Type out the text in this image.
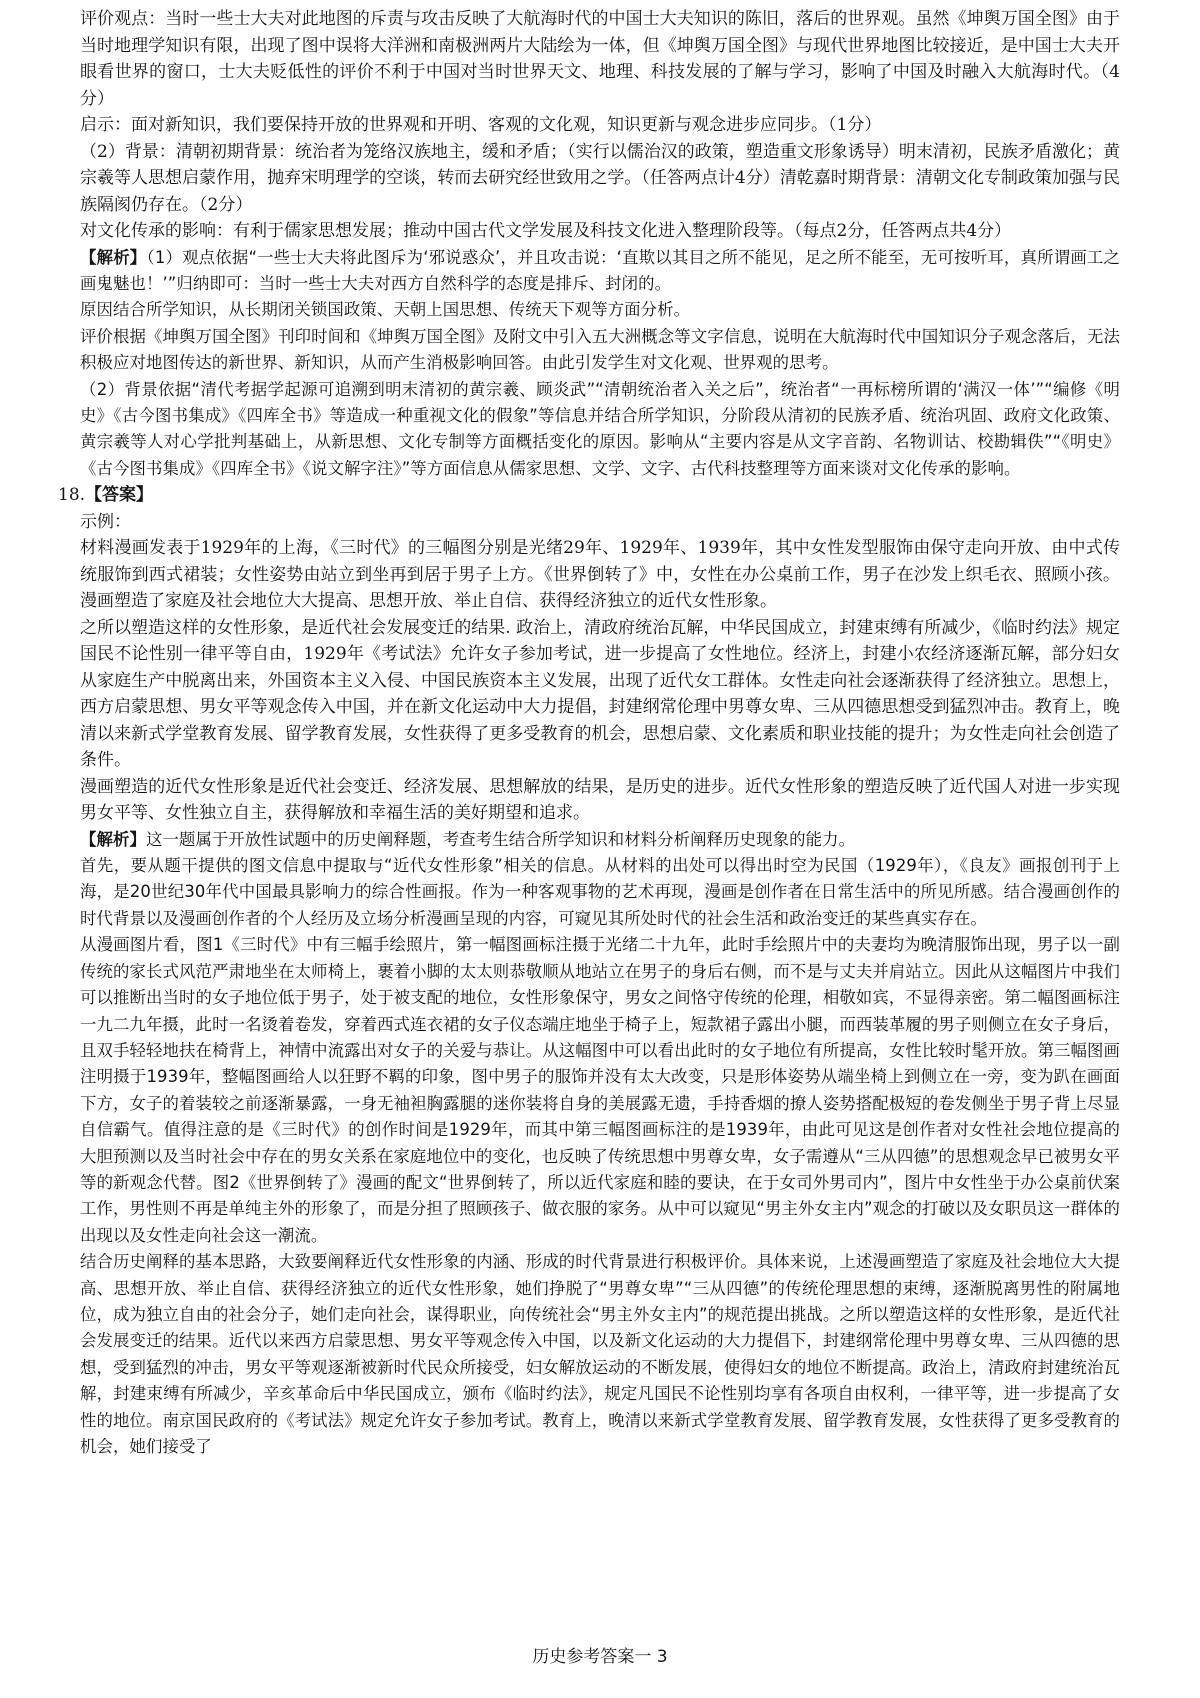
评价观点：当时一些士大夫对此地图的斥责与攻击反映了大航海时代的中国士大夫知识的陈旧，落后的世界观。虽然《坤舆万国全图》由于当时地理学知识有限，出现了图中误将大洋洲和南极洲两片大陆绘为一体，但《坤舆万国全图》与现代世界地图比较接近，是中国士大夫开眼看世界的窗口，士大夫贬低性的评价不利于中国对当时世界天文、地理、科技发展的了解与学习，影响了中国及时融入大航海时代。（4分）

启示：面对新知识，我们要保持开放的世界观和开明、客观的文化观，知识更新与观念进步应同步。（1分）

（2）背景：清朝初期背景：统治者为笼络汉族地主，缓和矛盾；（实行以儒治汉的政策，塑造重文形象诱导）明末清初，民族矛盾激化；黄宗羲等人思想启蒙作用，抛弃宋明理学的空谈，转而去研究经世致用之学。（任答两点计4分）清乾嘉时期背景：清朝文化专制政策加强与民族隔阂仍存在。（2分）

对文化传承的影响：有利于儒家思想发展；推动中国古代文学发展及科技文化进入整理阶段等。（每点2分，任答两点共4分）

【解析】（1）观点依据“一些士大夫将此图斥为‘邪说惑众’，并且攻击说：‘直欺以其目之所不能见，足之所不能至，无可按听耳，真所谓画工之画鬼魅也！’”归纳即可：当时一些士大夫对西方自然科学的态度是排斥、封闭的。

原因结合所学知识，从长期闭关锁国政策、天朝上国思想、传统天下观等方面分析。

评价根据《坤舆万国全图》刊印时间和《坤舆万国全图》及附文中引入五大洲概念等文字信息，说明在大航海时代中国知识分子观念落后，无法积极应对地图传达的新世界、新知识，从而产生消极影响回答。由此引发学生对文化观、世界观的思考。

（2）背景依据“清代考据学起源可追溯到明末清初的黄宗羲、顾炎武”“清朝统治者入关之后”，统治者“一再标榜所谓的‘满汉一体’”“编修《明史》《古今图书集成》《四库全书》等造成一种重视文化的假象”等信息并结合所学知识，分阶段从清初的民族矛盾、统治巩固、政府文化政策、黄宗羲等人对心学批判基础上，从新思想、文化专制等方面概括变化的原因。影响从“主要内容是从文字音韵、名物训诂、校勘辑佚”“《明史》《古今图书集成》《四库全书》《说文解字注》”等方面信息从儒家思想、文学、文字、古代科技整理等方面来谈对文化传承的影响。

18.【答案】

示例：

材料漫画发表于1929年的上海，《三时代》的三幅图分别是光绪29年、1929年、1939年，其中女性发型服饰由保守走向开放、由中式传统服饰到西式裙装；女性姿势由站立到坐再到居于男子上方。《世界倒转了》中，女性在办公桌前工作，男子在沙发上织毛衣、照顾小孩。漫画塑造了家庭及社会地位大大提高、思想开放、举止自信、获得经济独立的近代女性形象。

之所以塑造这样的女性形象，是近代社会发展变迁的结果. 政治上，清政府统治瓦解，中华民国成立，封建束缚有所减少，《临时约法》规定国民不论性别一律平等自由，1929年《考试法》允许女子参加考试，进一步提高了女性地位。经济上，封建小农经济逐渐瓦解，部分妇女从家庭生产中脱离出来，外国资本主义入侵、中国民族资本主义发展，出现了近代女工群体。女性走向社会逐渐获得了经济独立。思想上，西方启蒙思想、男女平等观念传入中国，并在新文化运动中大力提倡，封建纲常伦理中男尊女卑、三从四德思想受到猛烈冲击。教育上，晚清以来新式学堂教育发展、留学教育发展，女性获得了更多受教育的机会，思想启蒙、文化素质和职业技能的提升；为女性走向社会创造了条件。

漫画塑造的近代女性形象是近代社会变迁、经济发展、思想解放的结果，是历史的进步。近代女性形象的塑造反映了近代国人对进一步实现男女平等、女性独立自主，获得解放和幸福生活的美好期望和追求。

【解析】这一题属于开放性试题中的历史阐释题，考查考生结合所学知识和材料分析阐释历史现象的能力。

首先，要从题干提供的图文信息中提取与“近代女性形象”相关的信息。从材料的出处可以得出时空为民国（1929年），《良友》画报创刊于上海，是20世纪30年代中国最具影响力的综合性画报。作为一种客观事物的艺术再现，漫画是创作者在日常生活中的所见所感。结合漫画创作的时代背景以及漫画创作者的个人经历及立场分析漫画呈现的内容，可窥见其所处时代的社会生活和政治变迁的某些真实存在。

从漫画图片看，图1《三时代》中有三幅手绘照片，第一幅图画标注摄于光绪二十九年，此时手绘照片中的夫妻均为晚清服饰出现，男子以一副传统的家长式风范严肃地坐在太师椅上，裹着小脚的太太则恭敬顺从地站立在男子的身后右侧，而不是与丈夫并肩站立。因此从这幅图片中我们可以推断出当时的女子地位低于男子，处于被支配的地位，女性形象保守，男女之间恪守传统的伦理，相敬如宾，不显得亲密。第二幅图画标注一九二九年摄，此时一名烫着卷发，穿着西式连衣裙的女子仪态端庄地坐于椅子上，短款裙子露出小腿，而西装革履的男子则侧立在女子身后，且双手轻轻地扶在椅背上，神情中流露出对女子的关爱与恭让。从这幅图中可以看出此时的女子地位有所提高，女性比较时髦开放。第三幅图画注明摄于1939年，整幅图画给人以狂野不羁的印象，图中男子的服饰并没有太大改变，只是形体姿势从端坐椅上到侧立在一旁，变为趴在画面下方，女子的着装较之前逐渐暴露，一身无袖袒胸露腿的迷你装将自身的美展露无遗，手持香烟的撩人姿势搭配极短的卷发侧坐于男子背上尽显自信霸气。值得注意的是《三时代》的创作时间是1929年，而其中第三幅图画标注的是1939年，由此可见这是创作者对女性社会地位提高的大胆预测以及当时社会中存在的男女关系在家庭地位中的变化，也反映了传统思想中男尊女卑，女子需遵从“三从四德”的思想观念早已被男女平等的新观念代替。图2《世界倒转了》漫画的配文“世界倒转了，所以近代家庭和睦的要诀，在于女司外男司内”，图片中女性坐于办公桌前伏案工作，男性则不再是单纯主外的形象了，而是分担了照顾孩子、做衣服的家务。从中可以窥见“男主外女主内”观念的打破以及女职员这一群体的出现以及女性走向社会这一潮流。

结合历史阐释的基本思路，大致要阐释近代女性形象的内涵、形成的时代背景进行积极评价。具体来说，上述漫画塑造了家庭及社会地位大大提高、思想开放、举止自信、获得经济独立的近代女性形象，她们挣脱了“男尊女卑”“三从四德”的传统伦理思想的束缚，逐渐脱离男性的附属地位，成为独立自由的社会分子，她们走向社会，谋得职业，向传统社会“男主外女主内”的规范提出挑战。之所以塑造这样的女性形象，是近代社会发展变迁的结果。近代以来西方启蒙思想、男女平等观念传入中国，以及新文化运动的大力提倡下，封建纲常伦理中男尊女卑、三从四德的思想，受到猛烈的冲击，男女平等观逐渐被新时代民众所接受，妇女解放运动的不断发展，使得妇女的地位不断提高。政治上，清政府封建统治瓦解，封建束缚有所减少，辛亥革命后中华民国成立，颁布《临时约法》，规定凡国民不论性别均享有各项自由权利，一律平等，进一步提高了女性的地位。南京国民政府的《考试法》规定允许女子参加考试。教育上，晚清以来新式学堂教育发展、留学教育发展，女性获得了更多受教育的机会，她们接受了

历史参考答案一 3
